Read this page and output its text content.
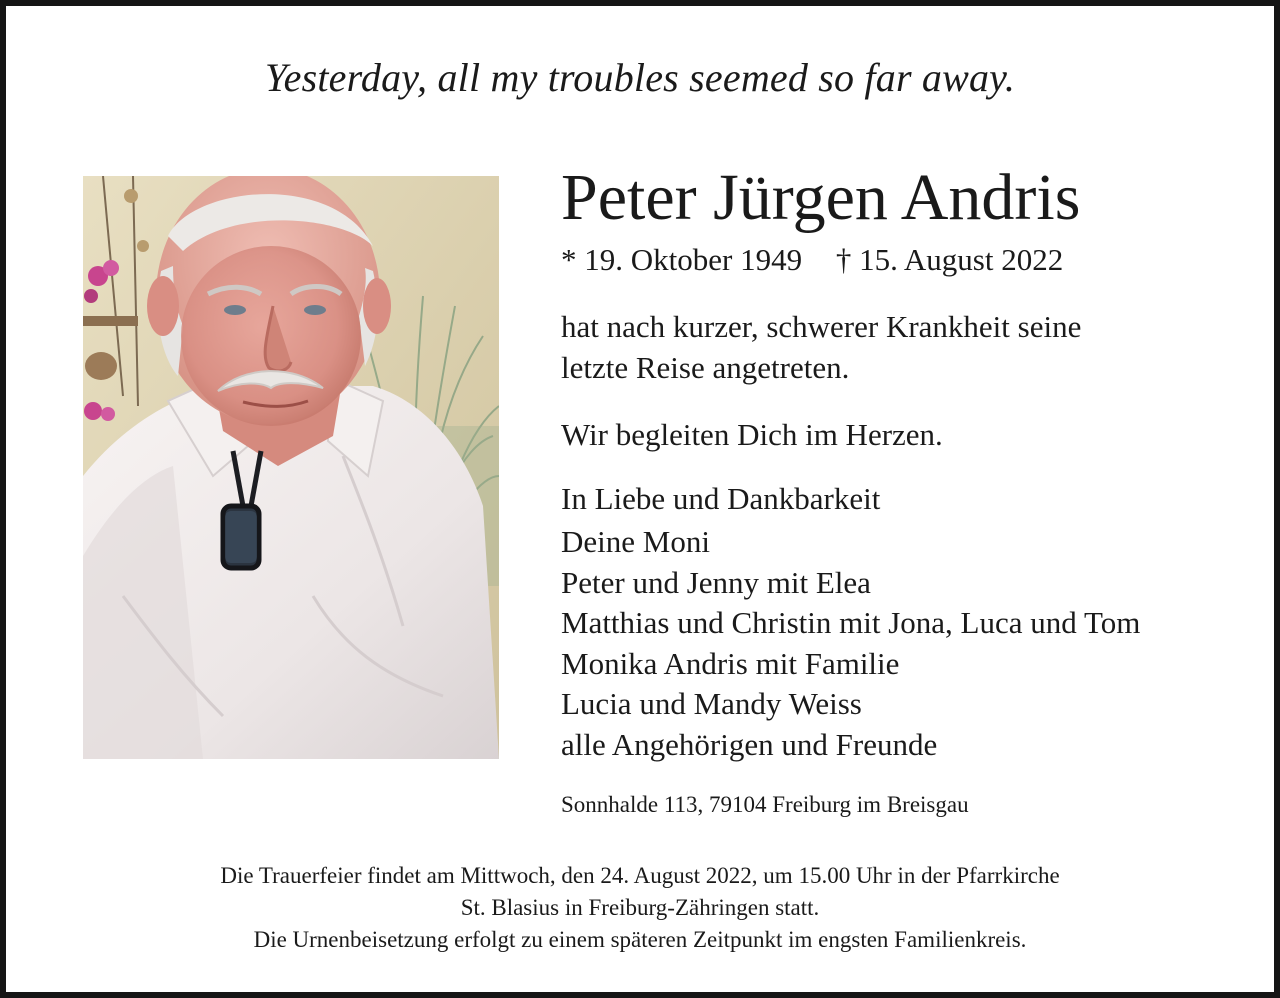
Yesterday, all my troubles seemed so far away.
Peter Jürgen Andris
* 19. Oktober 1949 † 15. August 2022
hat nach kurzer, schwerer Krankheit seine
letzte Reise angetreten.
Wir begleiten Dich im Herzen.
In Liebe und Dankbarkeit
Deine Moni
Peter und Jenny mit Elea
Matthias und Christin mit Jona, Luca und Tom
Monika Andris mit Familie
Lucia und Mandy Weiss
alle Angehörigen und Freunde
Sonnhalde 113, 79104 Freiburg im Breisgau
Die Trauerfeier findet am Mittwoch, den 24. August 2022, um 15.00 Uhr in der Pfarrkirche
St. Blasius in Freiburg-Zähringen statt.
Die Urnenbeisetzung erfolgt zu einem späteren Zeitpunkt im engsten Familienkreis.
